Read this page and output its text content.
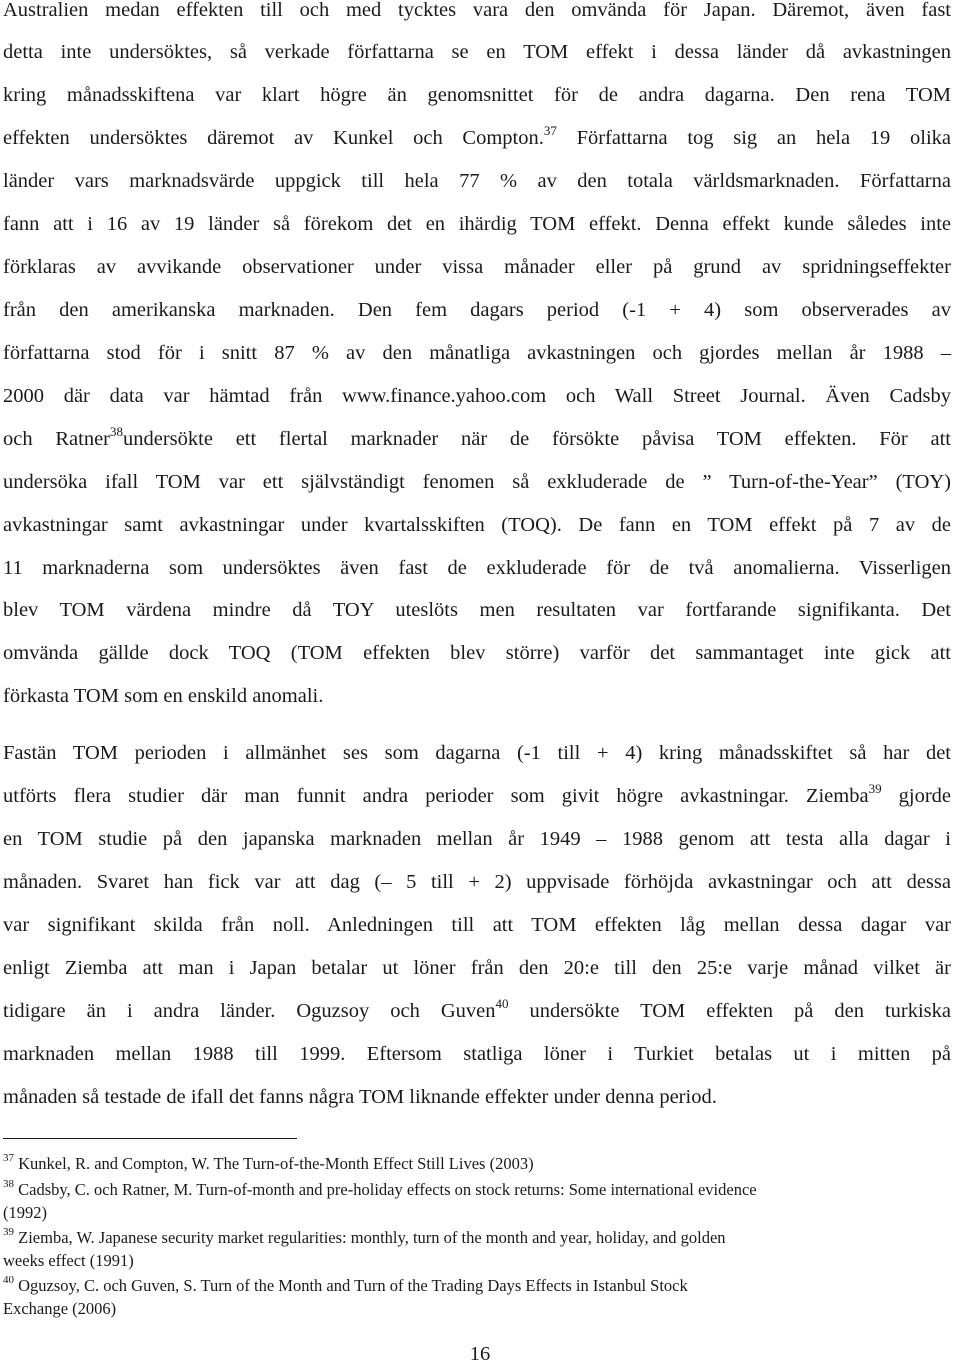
Australien medan effekten till och med tycktes vara den omvända för Japan. Däremot, även fast
detta inte undersöktes, så verkade författarna se en TOM effekt i dessa länder då avkastningen
kring månadsskiftena var klart högre än genomsnittet för de andra dagarna. Den rena TOM
effekten undersöktes däremot av Kunkel och Compton.$^{37}$ Författarna tog sig an hela 19 olika
länder vars marknadsvärde uppgick till hela 77 % av den totala världsmarknaden. Författarna
fann att i 16 av 19 länder så förekom det en ihärdig TOM effekt. Denna effekt kunde således inte
förklaras av avvikande observationer under vissa månader eller på grund av spridningseffekter
från den amerikanska marknaden. Den fem dagars period (-1 + 4) som observerades av
författarna stod för i snitt 87 % av den månatliga avkastningen och gjordes mellan år 1988 –
2000 där data var hämtad från www.finance.yahoo.com och Wall Street Journal. Även Cadsby
och Ratner$^{38}$undersökte ett flertal marknader när de försökte påvisa TOM effekten. För att
undersöka ifall TOM var ett självständigt fenomen så exkluderade de ” Turn-of-the-Year” (TOY)
avkastningar samt avkastningar under kvartalsskiften (TOQ). De fann en TOM effekt på 7 av de
11 marknaderna som undersöktes även fast de exkluderade för de två anomalierna. Visserligen
blev TOM värdena mindre då TOY uteslöts men resultaten var fortfarande signifikanta. Det
omvända gällde dock TOQ (TOM effekten blev större) varför det sammantaget inte gick att
förkasta TOM som en enskild anomali.
Fastän TOM perioden i allmänhet ses som dagarna (-1 till + 4) kring månadsskiftet så har det
utförts flera studier där man funnit andra perioder som givit högre avkastningar. Ziemba$^{39}$ gjorde
en TOM studie på den japanska marknaden mellan år 1949 – 1988 genom att testa alla dagar i
månaden. Svaret han fick var att dag (– 5 till + 2) uppvisade förhöjda avkastningar och att dessa
var signifikant skilda från noll. Anledningen till att TOM effekten låg mellan dessa dagar var
enligt Ziemba att man i Japan betalar ut löner från den 20:e till den 25:e varje månad vilket är
tidigare än i andra länder. Oguzsoy och Guven$^{40}$ undersökte TOM effekten på den turkiska
marknaden mellan 1988 till 1999. Eftersom statliga löner i Turkiet betalas ut i mitten på
månaden så testade de ifall det fanns några TOM liknande effekter under denna period.
$^{37}$ Kunkel, R. and Compton, W. The Turn-of-the-Month Effect Still Lives (2003)
$^{38}$ Cadsby, C. och Ratner, M. Turn-of-month and pre-holiday effects on stock returns: Some international evidence
(1992)
$^{39}$ Ziemba, W. Japanese security market regularities: monthly, turn of the month and year, holiday, and golden
weeks effect (1991)
$^{40}$ Oguzsoy, C. och Guven, S. Turn of the Month and Turn of the Trading Days Effects in Istanbul Stock
Exchange (2006)
16
